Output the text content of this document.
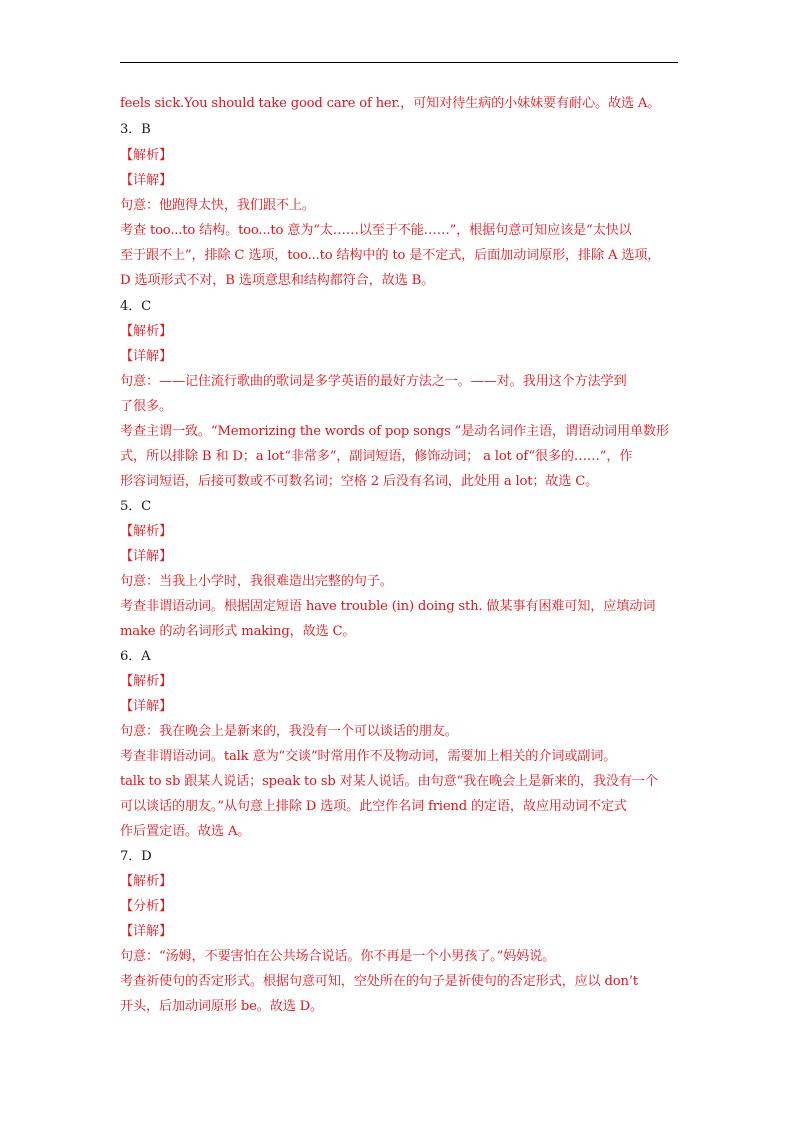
feels sick.You should take good care of her.，可知对待生病的小妹妹要有耐心。故选 A。
3．B
【解析】
【详解】
句意：他跑得太快，我们跟不上。
考查 too...to 结构。too...to 意为“太……以至于不能……”，根据句意可知应该是“太快以
至于跟不上”，排除 C 选项，too...to 结构中的 to 是不定式，后面加动词原形，排除 A 选项，
D 选项形式不对，B 选项意思和结构都符合，故选 B。
4．C
【解析】
【详解】
句意：——记住流行歌曲的歌词是多学英语的最好方法之一。——对。我用这个方法学到
了很多。
考查主谓一致。“Memorizing the words of pop songs ”是动名词作主语，谓语动词用单数形
式，所以排除 B 和 D；a lot“非常多”，副词短语，修饰动词； a lot of“很多的……”，作
形容词短语，后接可数或不可数名词；空格 2 后没有名词，此处用 a lot；故选 C。
5．C
【解析】
【详解】
句意：当我上小学时，我很难造出完整的句子。
考查非谓语动词。根据固定短语 have trouble (in) doing sth. 做某事有困难可知，应填动词
make 的动名词形式 making，故选 C。
6．A
【解析】
【详解】
句意：我在晚会上是新来的，我没有一个可以谈话的朋友。
考查非谓语动词。talk 意为“交谈”时常用作不及物动词，需要加上相关的介词或副词。
talk to sb 跟某人说话；speak to sb 对某人说话。由句意“我在晚会上是新来的，我没有一个
可以谈话的朋友。”从句意上排除 D 选项。此空作名词 friend 的定语，故应用动词不定式
作后置定语。故选 A。
7．D
【解析】
【分析】
【详解】
句意：“汤姆，不要害怕在公共场合说话。你不再是一个小男孩了。”妈妈说。
考查祈使句的否定形式。根据句意可知，空处所在的句子是祈使句的否定形式，应以 don’t
开头，后加动词原形 be。故选 D。
